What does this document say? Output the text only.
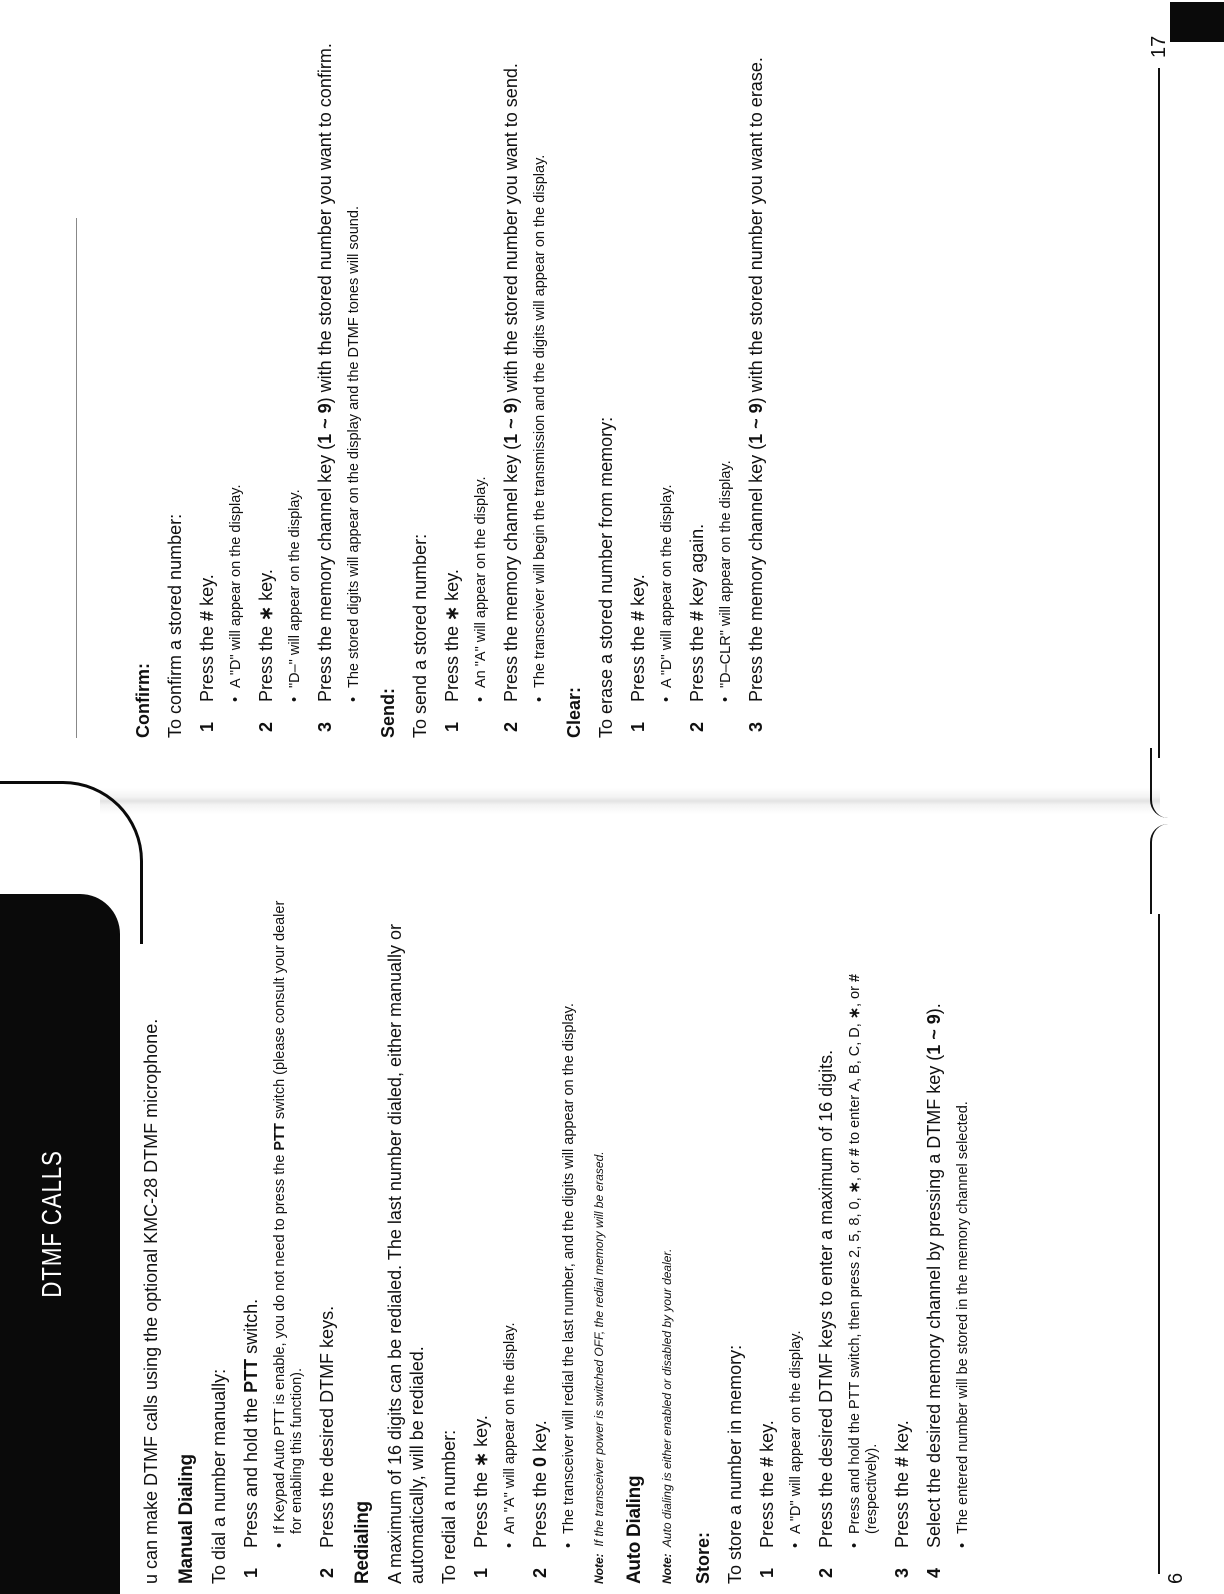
DTMF CALLS	u can make DTMF calls using the optional KMC-28 DTMF microphone. Manual Dialing To dial a number manually: 1
Press and hold the PTT switch.
•
If Keypad Auto PTT is enable, you do not need to press the PTT switch (please consult your dealer for enabling this function).
2
Press the desired DTMF keys. Redialing A maximum of 16 digits can be redialed. The last number dialed, either manually or automatically, will be redialed. To redial a number: 1
Press the ∗ key.
•
An "A" will appear on the display.
2
Press the 0 key.
•
The transceiver will redial the last number, and the digits will appear on the display.

Note:  If the transceiver power is switched OFF, the redial memory will be erased. Auto Dialing	Note:  Auto dialing is either enabled or disabled by your dealer.

Store: To store a number in memory: 1
Press the # key.
•
A "D" will appear on the display.
2
Press the desired DTMF keys to enter a maximum of 16 digits. •
Press and hold the PTT switch, then press 2, 5, 8, 0, ∗, or # to enter A, B, C, D, ∗, or # (respectively).
3
Press the # key.
4
Select the desired memory channel by pressing a DTMF key (1 ~ 9).
•
The entered number will be stored in the memory channel selected.
6
Confirm: To confirm a stored number: 1
Press the # key.
•
A "D" will appear on the display.
2
Press the ∗ key.
•
"D–" will appear on the display.
3
Press the memory channel key (1 ~ 9) with the stored number you want to confirm.
•
The stored digits will appear on the display and the DTMF tones will sound.
Send: To send a stored number: 1
Press the ∗ key.
•
An "A" will appear on the display.
2
Press the memory channel key (1 ~ 9) with the stored number you want to send.
•
The transceiver will begin the transmission and the digits will appear on the display.
Clear: To erase a stored number from memory: 1
Press the # key.
•
A "D" will appear on the display.
2
Press the # key again.
•
"D–CLR" will appear on the display.
3
Press the memory channel key (1 ~ 9) with the stored number you want to erase.
17
